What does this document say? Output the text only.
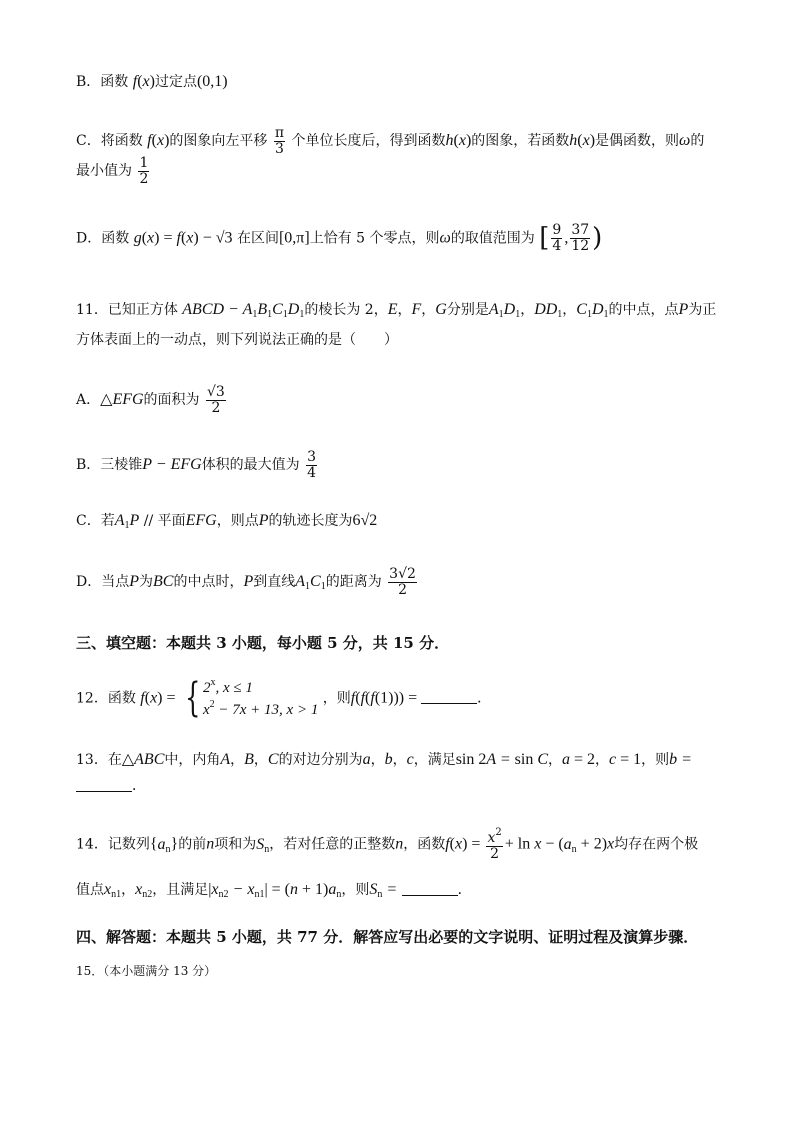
B．函数 f(x)过定点(0,1)
C．将函数 f(x)的图象向左平移 $\frac{\pi}{3}$ 个单位长度后，得到函数h(x)的图象，若函数h(x)是偶函数，则ω的
最小值为 $\frac{1}{2}$
D．函数 g(x) = f(x) − √3 在区间[0,π]上恰有 5 个零点，则ω的取值范围为 [ $\frac{9}{4}$ , $\frac{37}{12}$ )
11．已知正方体 ABCD − $A_1B_1C_1D_1$的棱长为 2，E，F，G分别是$A_1D_1$，$DD_1$，$C_1D_1$的中点，点P为正
方体表面上的一动点，则下列说法正确的是（　　）
A．△EFG的面积为 $\frac{√3}{2}$
B．三棱锥P − EFG体积的最大值为 $\frac{3}{4}$
C．若$A_1P$ // 平面EFG，则点P的轨迹长度为6√2
D．当点P为BC的中点时，P到直线$A_1C_1$的距离为 $\frac{3√2}{2}$
三、填空题：本题共 3 小题，每小题 5 分，共 15 分．
12．函数 f(x) = { 2$^x$, x ≤ 1
$x^2 - 7x + 13$, x > 1
，则f(f(f(1))) =	．
13．在△ABC中，内角A，B，C的对边分别为a，b，c，满足sin 2A = sin C，a = 2，c = 1，则b =
．
14．记数列$\{a_n\}$的前n项和为$S_n$，若对任意的正整数n，函数$f(x) = \frac{x^2}{2} + \ln x - (a_n + 2)x$均存在两个极
值点$x_{n1}$，$x_{n2}$，且满足$|x_{n2} - x_{n1}| = (n + 1)a_n$，则$S_n$ =	．
四、解答题：本题共 5 小题，共 77 分．解答应写出必要的文字说明、证明过程及演算步骤．
15．（本小题满分 13 分）
